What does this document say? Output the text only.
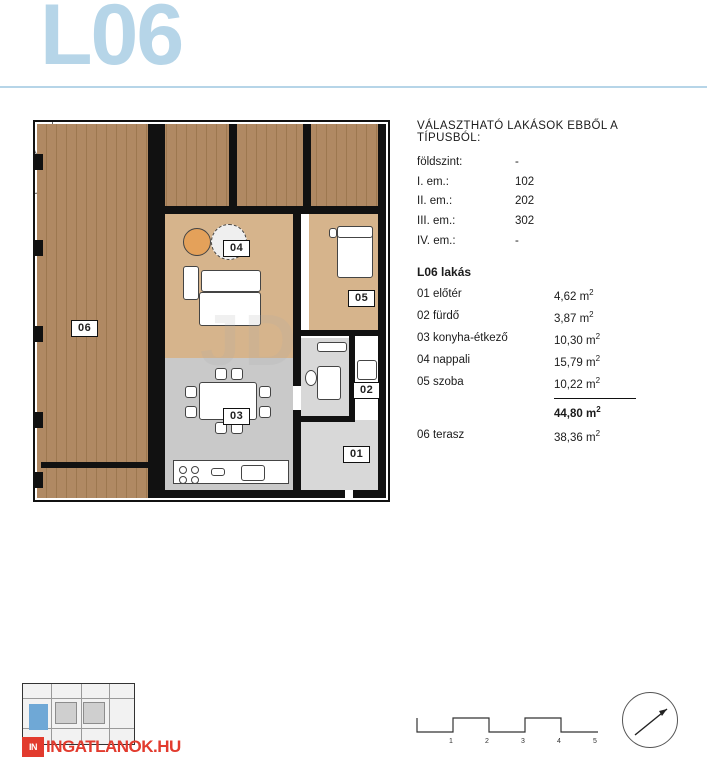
L06
06
04
03
05
02
01
VÁLASZTHATÓ LAKÁSOK EBBŐL A TÍPUSBÓL:
földszint:	-
I. em.:	102
II. em.:	202
III. em.:	302
IV. em.:	-
L06 lakás
01 előtér	4,62 $m^2$
02 fürdő	3,87 $m^2$
03 konyha-étkező	10,30 $m^2$
04 nappali	15,79 $m^2$
05 szoba	10,22 $m^2$
44,80 $m^2$
06 terasz	38,36 $m^2$
1	2	3	4	5
IN INGATLANOK.HU
